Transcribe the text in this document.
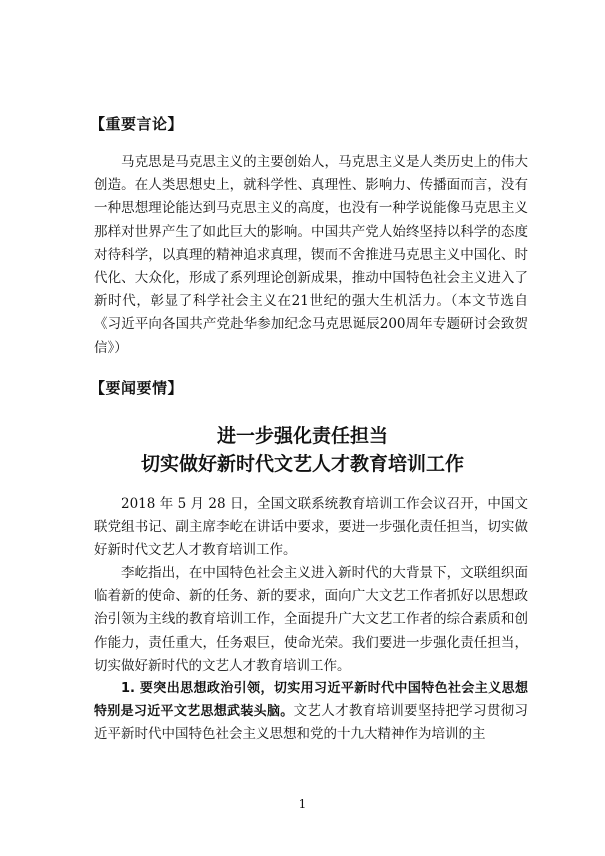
【重要言论】

马克思是马克思主义的主要创始人，马克思主义是人类历史上的伟大创造。在人类思想史上，就科学性、真理性、影响力、传播面而言，没有一种思想理论能达到马克思主义的高度，也没有一种学说能像马克思主义那样对世界产生了如此巨大的影响。中国共产党人始终坚持以科学的态度对待科学，以真理的精神追求真理，锲而不舍推进马克思主义中国化、时代化、大众化，形成了系列理论创新成果，推动中国特色社会主义进入了新时代，彰显了科学社会主义在21世纪的强大生机活力。（本文节选自《习近平向各国共产党赴华参加纪念马克思诞辰200周年专题研讨会致贺信》）

【要闻要情】

进一步强化责任担当

切实做好新时代文艺人才教育培训工作

2018 年 5 月 28 日，全国文联系统教育培训工作会议召开，中国文联党组书记、副主席李屹在讲话中要求，要进一步强化责任担当，切实做好新时代文艺人才教育培训工作。

李屹指出，在中国特色社会主义进入新时代的大背景下，文联组织面临着新的使命、新的任务、新的要求，面向广大文艺工作者抓好以思想政治引领为主线的教育培训工作，全面提升广大文艺工作者的综合素质和创作能力，责任重大，任务艰巨，使命光荣。我们要进一步强化责任担当，切实做好新时代的文艺人才教育培训工作。

1. 要突出思想政治引领，切实用习近平新时代中国特色社会主义思想特别是习近平文艺思想武装头脑。文艺人才教育培训要坚持把学习贯彻习近平新时代中国特色社会主义思想和党的十九大精神作为培训的主

1
